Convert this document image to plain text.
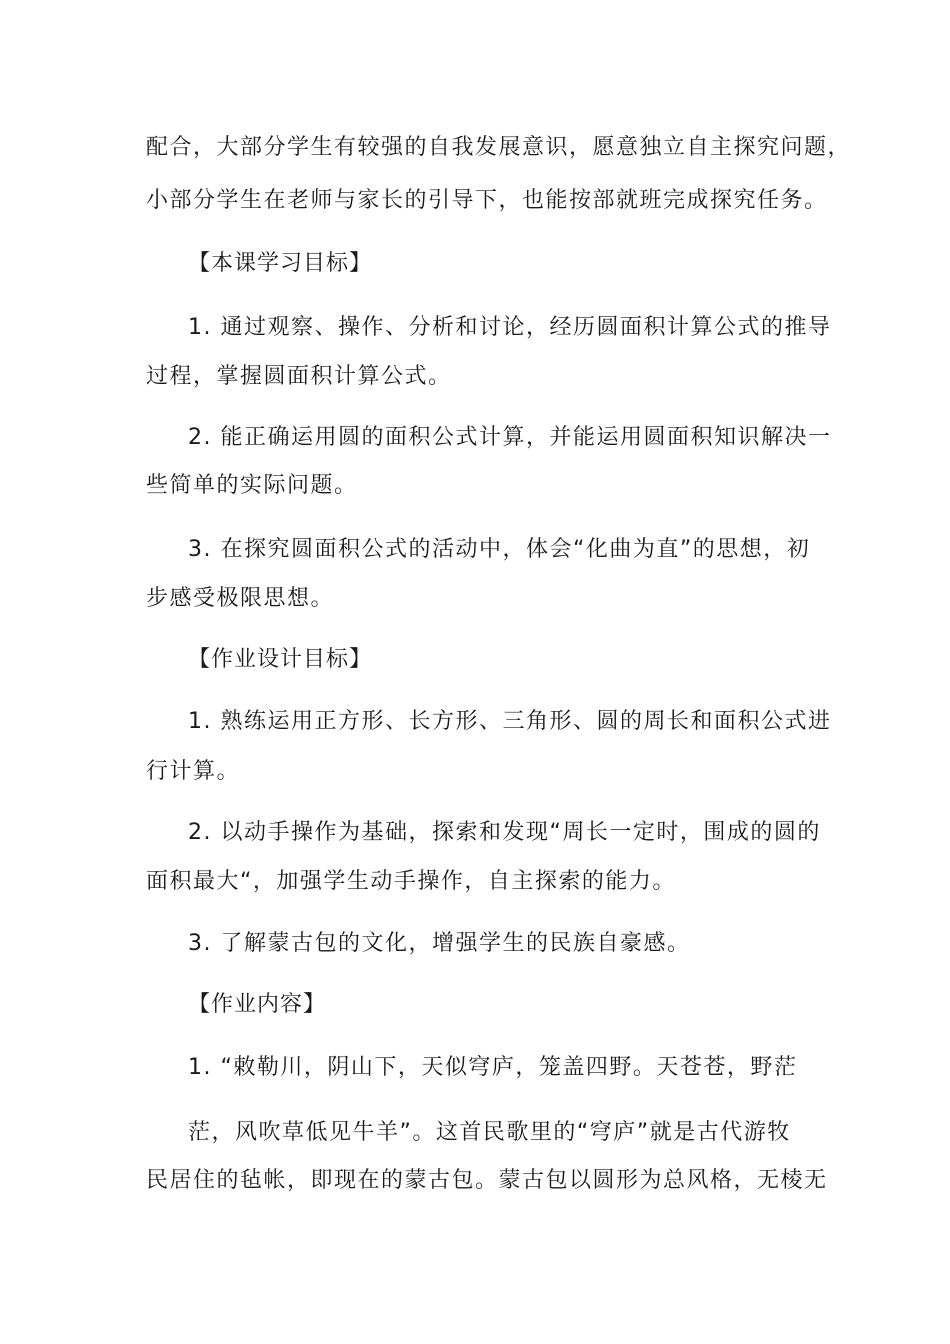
配合，大部分学生有较强的自我发展意识，愿意独立自主探究问题，
小部分学生在老师与家长的引导下，也能按部就班完成探究任务。
【本课学习目标】
1. 通过观察、操作、分析和讨论，经历圆面积计算公式的推导
过程，掌握圆面积计算公式。
2. 能正确运用圆的面积公式计算，并能运用圆面积知识解决一
些简单的实际问题。
3. 在探究圆面积公式的活动中，体会“化曲为直”的思想，初
步感受极限思想。
【作业设计目标】
1. 熟练运用正方形、长方形、三角形、圆的周长和面积公式进
行计算。
2. 以动手操作为基础，探索和发现“周长一定时，围成的圆的
面积最大“，加强学生动手操作，自主探索的能力。
3. 了解蒙古包的文化，增强学生的民族自豪感。
【作业内容】
1. “敕勒川，阴山下，天似穹庐，笼盖四野。天苍苍，野茫
茫，风吹草低见牛羊”。这首民歌里的“穹庐”就是古代游牧
民居住的毡帐，即现在的蒙古包。蒙古包以圆形为总风格，无棱无
